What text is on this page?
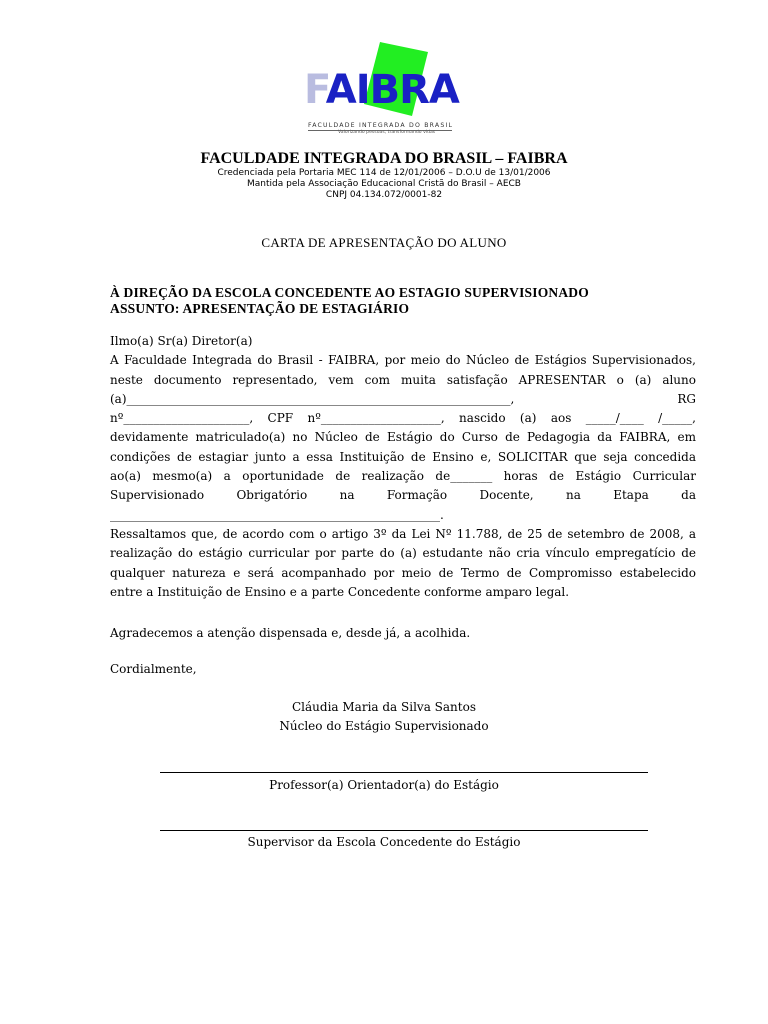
FAIBRA
FACULDADE INTEGRADA DO BRASIL
Valorizando pessoas, transformando vidas
FACULDADE INTEGRADA DO BRASIL – FAIBRA
Credenciada pela Portaria MEC 114 de 12/01/2006 – D.O.U de 13/01/2006
Mantida pela Associação Educacional Cristã do Brasil – AECB
CNPJ 04.134.072/0001-82
CARTA DE APRESENTAÇÃO DO ALUNO
À DIREÇÃO DA ESCOLA CONCEDENTE AO ESTAGIO SUPERVISIONADO
ASSUNTO: APRESENTAÇÃO DE ESTAGIÁRIO
Ilmo(a) Sr(a) Diretor(a)
A Faculdade Integrada do Brasil - FAIBRA, por meio do Núcleo de Estágios Supervisionados,
neste documento representado, vem com muita satisfação APRESENTAR o (a) aluno
(a)________________________________________________________________, RG
nº_____________________, CPF nº____________________, nascido (a) aos _____/____ /_____,
devidamente matriculado(a) no Núcleo de Estágio do Curso de Pedagogia da FAIBRA, em
condições de estagiar junto a essa Instituição de Ensino e, SOLICITAR que seja concedida
ao(a) mesmo(a) a oportunidade de realização de_______ horas de Estágio Curricular
Supervisionado Obrigatório na Formação Docente, na Etapa da
_______________________________________________________.
Ressaltamos que, de acordo com o artigo 3º da Lei Nº 11.788, de 25 de setembro de 2008, a
realização do estágio curricular por parte do (a) estudante não cria vínculo empregatício de
qualquer natureza e será acompanhado por meio de Termo de Compromisso estabelecido
entre a Instituição de Ensino e a parte Concedente conforme amparo legal.
Agradecemos a atenção dispensada e, desde já, a acolhida.
Cordialmente,
Cláudia Maria da Silva Santos
Núcleo do Estágio Supervisionado
Professor(a) Orientador(a) do Estágio
Supervisor da Escola Concedente do Estágio
